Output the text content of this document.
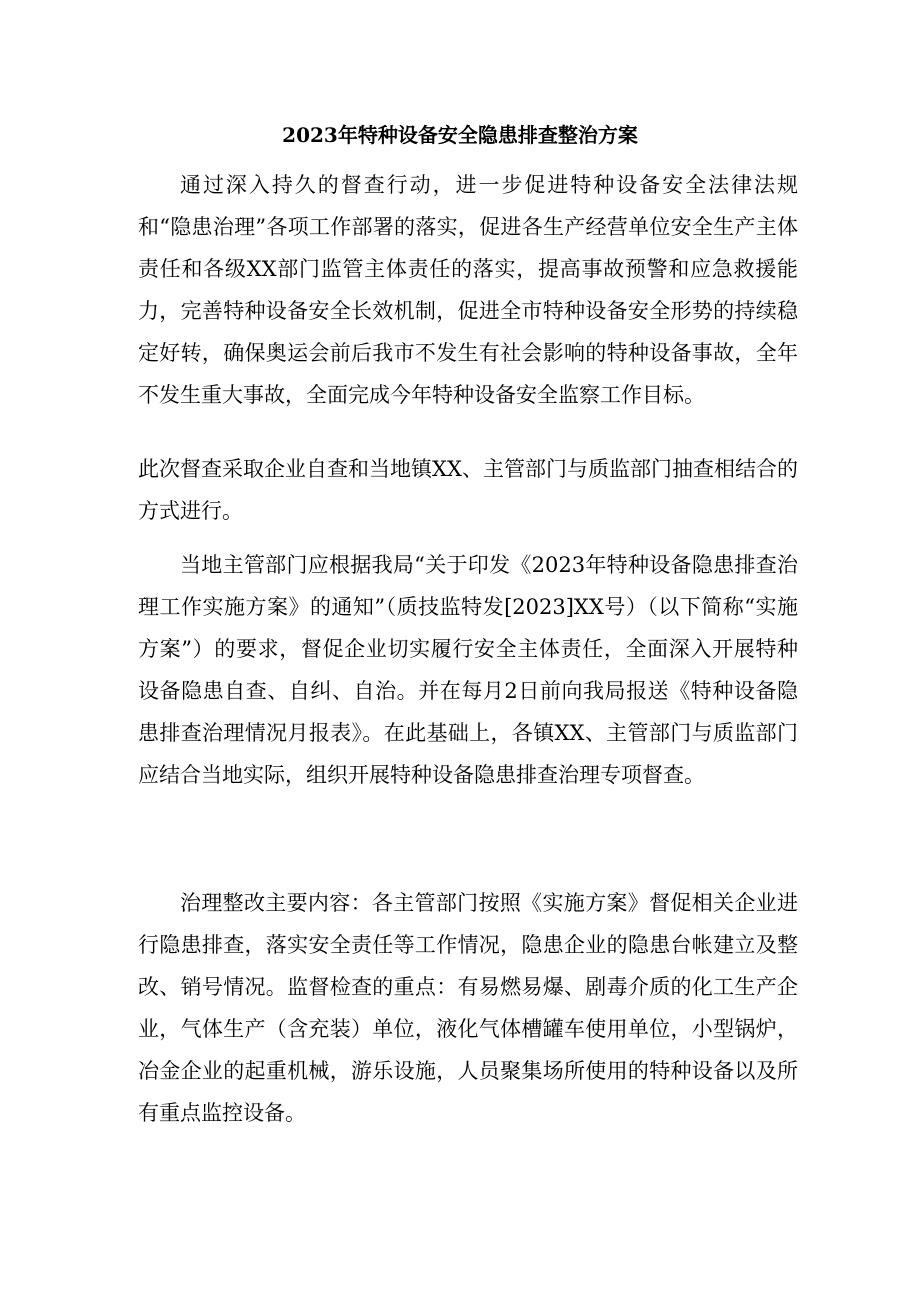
2023年特种设备安全隐患排查整治方案

通过深入持久的督查行动，进一步促进特种设备安全法律法规和“隐患治理”各项工作部署的落实，促进各生产经营单位安全生产主体责任和各级XX部门监管主体责任的落实，提高事故预警和应急救援能力，完善特种设备安全长效机制，促进全市特种设备安全形势的持续稳定好转，确保奥运会前后我市不发生有社会影响的特种设备事故，全年不发生重大事故，全面完成今年特种设备安全监察工作目标。

此次督查采取企业自查和当地镇XX、主管部门与质监部门抽查相结合的方式进行。

当地主管部门应根据我局“关于印发《2023年特种设备隐患排查治理工作实施方案》的通知”（质技监特发[2023]XX号）（以下简称“实施方案”）的要求，督促企业切实履行安全主体责任，全面深入开展特种设备隐患自查、自纠、自治。并在每月2日前向我局报送《特种设备隐患排查治理情况月报表》。在此基础上，各镇XX、主管部门与质监部门应结合当地实际，组织开展特种设备隐患排查治理专项督查。

治理整改主要内容：各主管部门按照《实施方案》督促相关企业进行隐患排查，落实安全责任等工作情况，隐患企业的隐患台帐建立及整改、销号情况。监督检查的重点：有易燃易爆、剧毒介质的化工生产企业，气体生产（含充装）单位，液化气体槽罐车使用单位，小型锅炉，冶金企业的起重机械，游乐设施，人员聚集场所使用的特种设备以及所有重点监控设备。
